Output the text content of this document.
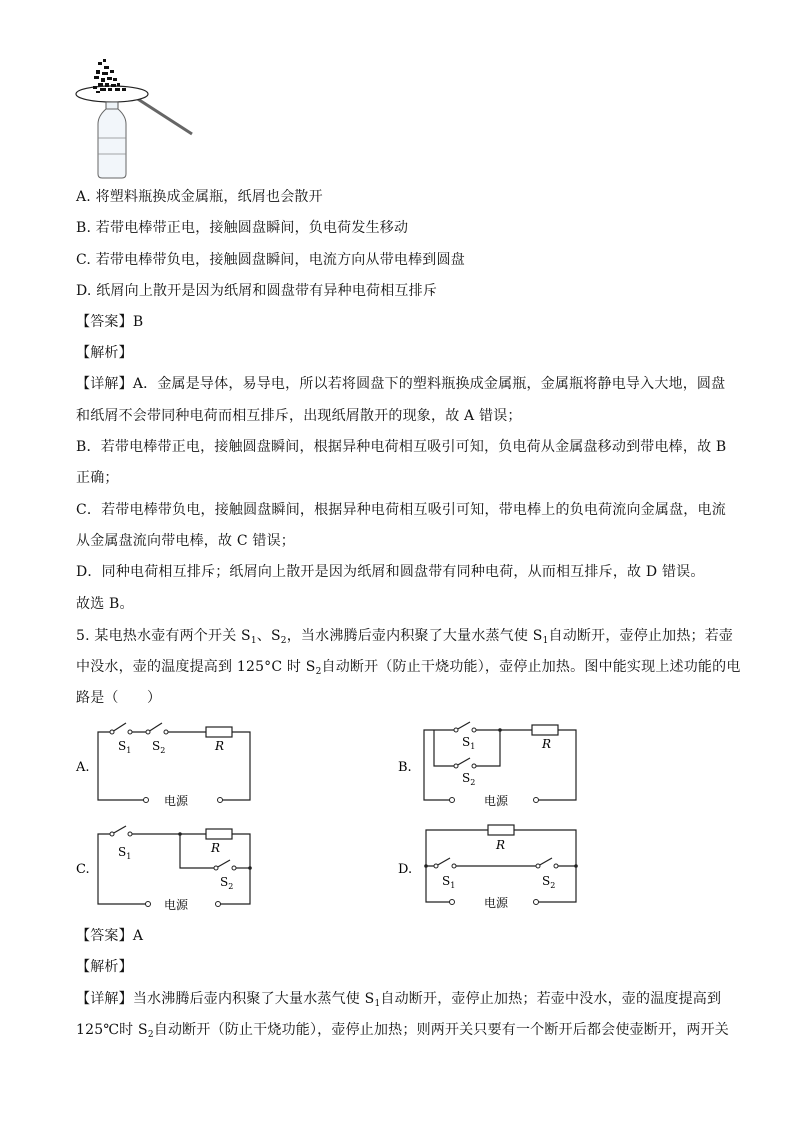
A. 将塑料瓶换成金属瓶，纸屑也会散开
B. 若带电棒带正电，接触圆盘瞬间，负电荷发生移动
C. 若带电棒带负电，接触圆盘瞬间，电流方向从带电棒到圆盘
D. 纸屑向上散开是因为纸屑和圆盘带有异种电荷相互排斥
【答案】B
【解析】
【详解】A．金属是导体，易导电，所以若将圆盘下的塑料瓶换成金属瓶，金属瓶将静电导入大地，圆盘
和纸屑不会带同种电荷而相互排斥，出现纸屑散开的现象，故 A 错误；
B．若带电棒带正电，接触圆盘瞬间，根据异种电荷相互吸引可知，负电荷从金属盘移动到带电棒，故 B
正确；
C．若带电棒带负电，接触圆盘瞬间，根据异种电荷相互吸引可知，带电棒上的负电荷流向金属盘，电流
从金属盘流向带电棒，故 C 错误；
D．同种电荷相互排斥；纸屑向上散开是因为纸屑和圆盘带有同种电荷，从而相互排斥，故 D 错误。
故选 B。
5. 某电热水壶有两个开关 $S_1$、$S_2$，当水沸腾后壶内积聚了大量水蒸气使 $S_1$自动断开，壶停止加热；若壶
中没水，壶的温度提高到 125°C 时 $S_2$自动断开（防止干烧功能），壶停止加热。图中能实现上述功能的电
路是（　　）
A.
$S_1$ $S_2$	R
电源
B.
$S_1$
$S_2$
R
电源
C.
$S_1$
$S_2$
R
电源
D.
R
$S_1$	$S_2$
电源
【答案】A
【解析】
【详解】当水沸腾后壶内积聚了大量水蒸气使 $S_1$自动断开，壶停止加热；若壶中没水，壶的温度提高到
125℃时 $S_2$自动断开（防止干烧功能），壶停止加热；则两开关只要有一个断开后都会使壶断开，两开关
